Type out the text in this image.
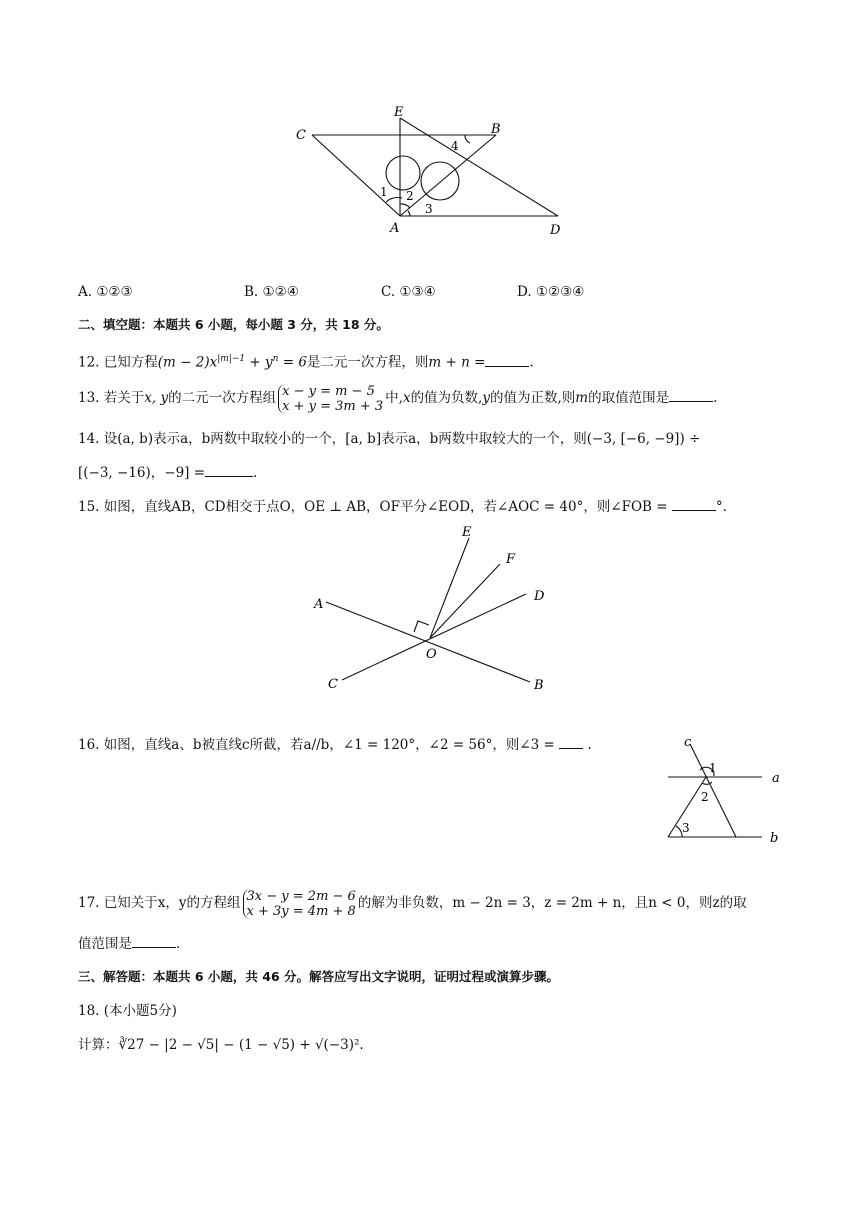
C
E
B
A	D
1 2
3
4
A. ①②③	B. ①②④	C. ①③④	D. ①②③④
二、填空题：本题共 6 小题，每小题 3 分，共 18 分。
12. 已知方程$(m - 2)x^{|m|-1} + y^n = 6$是二元一次方程，则m + n =	.
13. 若关于x, y的二元一次方程组 x − y = m − 5
x + y = 3m + 3 中,x的值为负数,y的值为正数,则m的取值范围是	.
14. 设(a, b)表示a，b两数中取较小的一个，[a, b]表示a，b两数中取较大的一个，则(−3, [−6, −9]) ÷
[(−3, −16)，−9] =	.
15. 如图，直线AB，CD相交于点O，OE ⊥ AB，OF平分∠EOD，若∠AOC = 40°，则∠FOB =	°.
E
F
D
A
O
C	B
16. 如图，直线a、b被直线c所截，若a//b，∠1 = 120°，∠2 = 56°，则∠3 =  .	c
a
b
1
2
3
17. 已知关于x，y的方程组 3x − y = 2m − 6
x + 3y = 4m + 8 的解为非负数，m − 2n = 3，z = 2m + n，且n < 0，则z的取
值范围是	.
三、解答题：本题共 6 小题，共 46 分。解答应写出文字说明，证明过程或演算步骤。
18. (本小题5分)
计算：∛27 − |2 − √5| − (1 − √5) + √(−3)².
